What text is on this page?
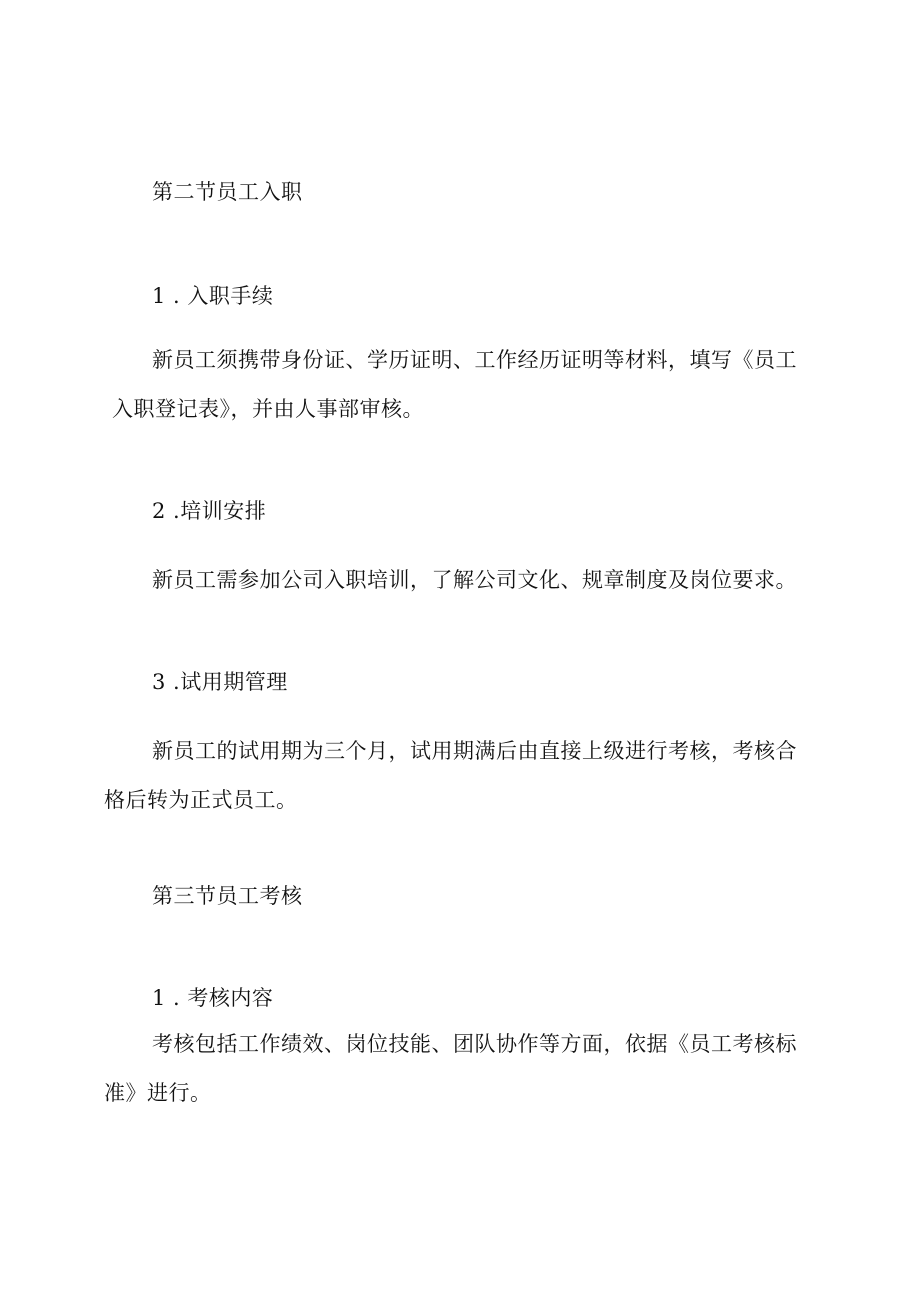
第二节员工入职
1 . 入职手续
新员工须携带身份证、学历证明、工作经历证明等材料，填写《员工
入职登记表》，并由人事部审核。
2 .培训安排
新员工需参加公司入职培训，了解公司文化、规章制度及岗位要求。
3 .试用期管理
新员工的试用期为三个月，试用期满后由直接上级进行考核，考核合
格后转为正式员工。
第三节员工考核
1 . 考核内容
考核包括工作绩效、岗位技能、团队协作等方面，依据《员工考核标
准》进行。
